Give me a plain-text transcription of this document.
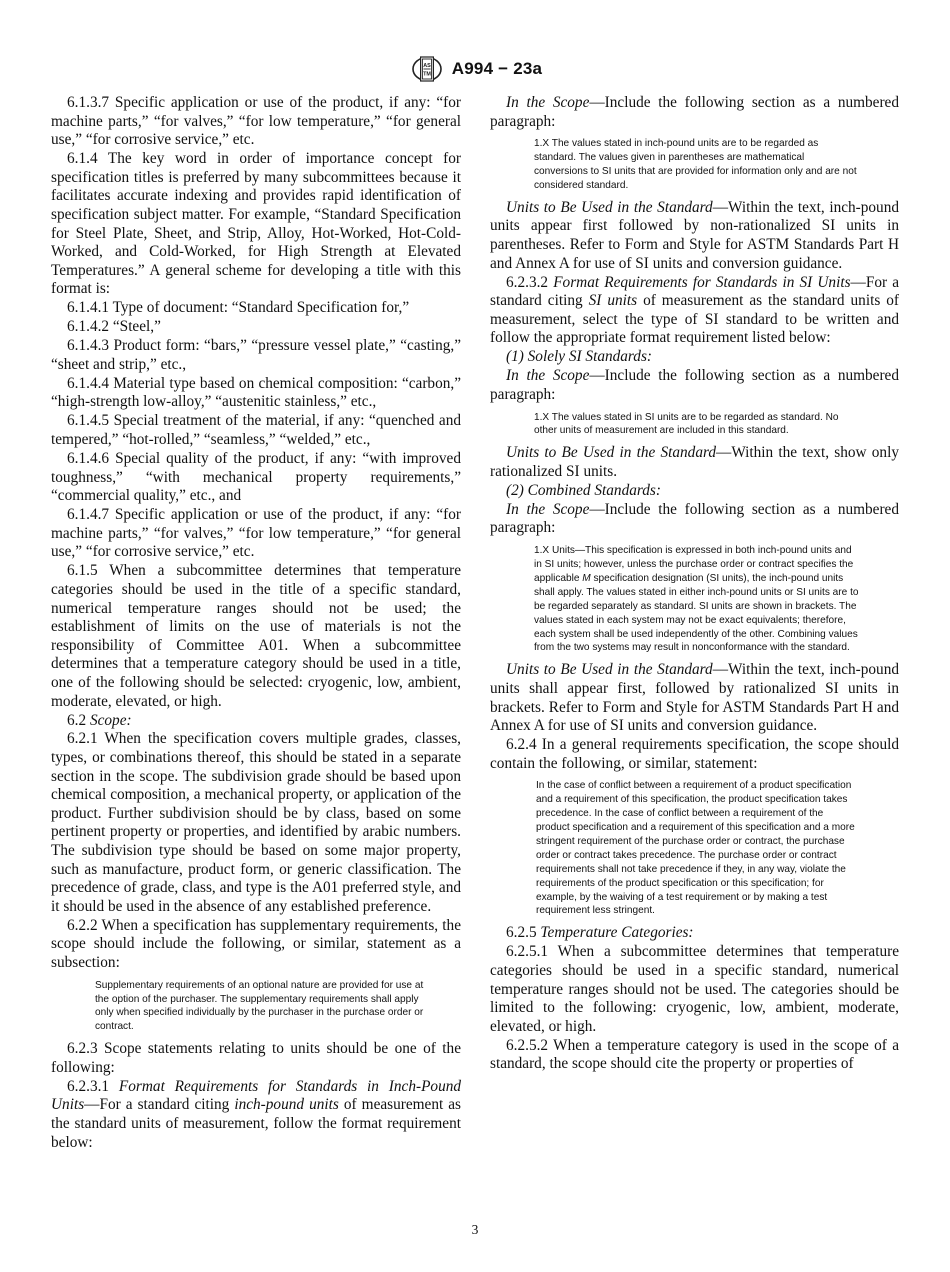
AS
TM A994 − 23a

6.1.3.7 Specific application or use of the product, if any: “for machine parts,” “for valves,” “for low temperature,” “for general use,” “for corrosive service,” etc.

6.1.4 The key word in order of importance concept for specification titles is preferred by many subcommittees because it facilitates accurate indexing and provides rapid identification of specification subject matter. For example, “Standard Specification for Steel Plate, Sheet, and Strip, Alloy, Hot-Worked, Hot-Cold-Worked, and Cold-Worked, for High Strength at Elevated Temperatures.” A general scheme for developing a title with this format is:

6.1.4.1 Type of document: “Standard Specification for,”

6.1.4.2 “Steel,”

6.1.4.3 Product form: “bars,” “pressure vessel plate,” “casting,” “sheet and strip,” etc.,

6.1.4.4 Material type based on chemical composition: “carbon,” “high-strength low-alloy,” “austenitic stainless,” etc.,

6.1.4.5 Special treatment of the material, if any: “quenched and tempered,” “hot-rolled,” “seamless,” “welded,” etc.,

6.1.4.6 Special quality of the product, if any: “with improved toughness,” “with mechanical property requirements,” “commercial quality,” etc., and

6.1.4.7 Specific application or use of the product, if any: “for machine parts,” “for valves,” “for low temperature,” “for general use,” “for corrosive service,” etc.

6.1.5 When a subcommittee determines that temperature categories should be used in the title of a specific standard, numerical temperature ranges should not be used; the establishment of limits on the use of materials is not the responsibility of Committee A01. When a subcommittee determines that a temperature category should be used in a title, one of the following should be selected: cryogenic, low, ambient, moderate, elevated, or high.

6.2 Scope:

6.2.1 When the specification covers multiple grades, classes, types, or combinations thereof, this should be stated in a separate section in the scope. The subdivision grade should be based upon chemical composition, a mechanical property, or application of the product. Further subdivision should be by class, based on some pertinent property or properties, and identified by arabic numbers. The subdivision type should be based on some major property, such as manufacture, product form, or generic classification. The precedence of grade, class, and type is the A01 preferred style, and it should be used in the absence of any established preference.

6.2.2 When a specification has supplementary requirements, the scope should include the following, or similar, statement as a subsection:

Supplementary requirements of an optional nature are provided for use at the option of the purchaser. The supplementary requirements shall apply only when specified individually by the purchaser in the purchase order or contract.

6.2.3 Scope statements relating to units should be one of the following:

6.2.3.1 Format Requirements for Standards in Inch-Pound Units—For a standard citing inch-pound units of measurement as the standard units of measurement, follow the format requirement below:

In the Scope—Include the following section as a numbered paragraph:

1.X The values stated in inch-pound units are to be regarded as standard. The values given in parentheses are mathematical conversions to SI units that are provided for information only and are not considered standard.

Units to Be Used in the Standard—Within the text, inch-pound units appear first followed by non-rationalized SI units in parentheses. Refer to Form and Style for ASTM Standards Part H and Annex A for use of SI units and conversion guidance.

6.2.3.2 Format Requirements for Standards in SI Units—For a standard citing SI units of measurement as the standard units of measurement, select the type of SI standard to be written and follow the appropriate format requirement listed below:

(1) Solely SI Standards:

In the Scope—Include the following section as a numbered paragraph:

1.X The values stated in SI units are to be regarded as standard. No other units of measurement are included in this standard.

Units to Be Used in the Standard—Within the text, show only rationalized SI units.

(2) Combined Standards:

In the Scope—Include the following section as a numbered paragraph:

1.X Units—This specification is expressed in both inch-pound units and in SI units; however, unless the purchase order or contract specifies the applicable M specification designation (SI units), the inch-pound units shall apply. The values stated in either inch-pound units or SI units are to be regarded separately as standard. SI units are shown in brackets. The values stated in each system may not be exact equivalents; therefore, each system shall be used independently of the other. Combining values from the two systems may result in nonconformance with the standard.

Units to Be Used in the Standard—Within the text, inch-pound units shall appear first, followed by rationalized SI units in brackets. Refer to Form and Style for ASTM Standards Part H and Annex A for use of SI units and conversion guidance.

6.2.4 In a general requirements specification, the scope should contain the following, or similar, statement:

In the case of conflict between a requirement of a product specification and a requirement of this specification, the product specification takes precedence. In the case of conflict between a requirement of the product specification and a requirement of this specification and a more stringent requirement of the purchase order or contract, the purchase order or contract takes precedence. The purchase order or contract requirements shall not take precedence if they, in any way, violate the requirements of the product specification or this specification; for example, by the waiving of a test requirement or by making a test requirement less stringent.

6.2.5 Temperature Categories:

6.2.5.1 When a subcommittee determines that temperature categories should be used in a specific standard, numerical temperature ranges should not be used. The categories should be limited to the following: cryogenic, low, ambient, moderate, elevated, or high.

6.2.5.2 When a temperature category is used in the scope of a standard, the scope should cite the property or properties of

3
